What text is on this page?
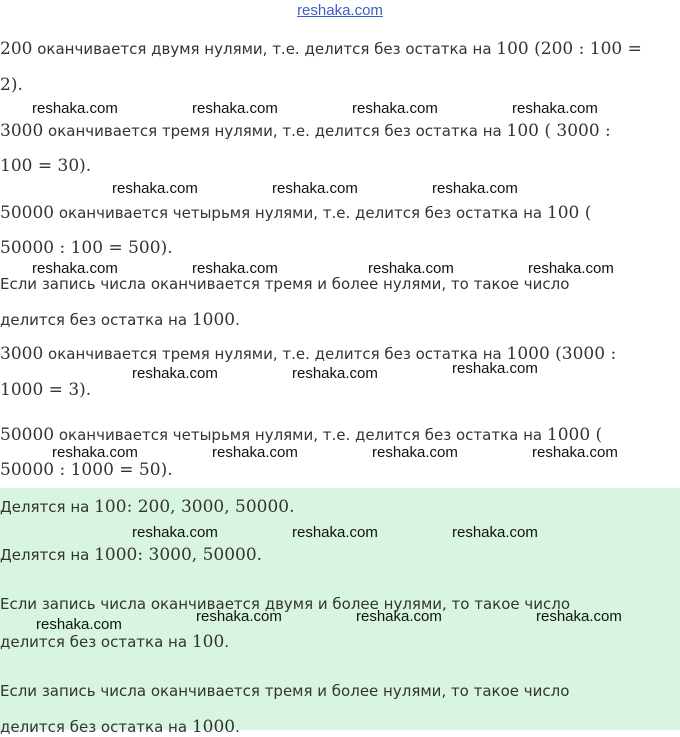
reshaka.com
200 оканчивается двумя нулями, т.е. делится без остатка на 100 (200 : 100 =
2).
3000 оканчивается тремя нулями, т.е. делится без остатка на 100 ( 3000 :
100 = 30).
50000 оканчивается четырьмя нулями, т.е. делится без остатка на 100 (
50000 : 100 = 500).
Если запись числа оканчивается тремя и более нулями, то такое число
делится без остатка на 1000.
3000 оканчивается тремя нулями, т.е. делится без остатка на 1000 (3000 :
1000 = 3).
50000 оканчивается четырьмя нулями, т.е. делится без остатка на 1000 (
50000 : 1000 = 50).
Делятся на 100: 200, 3000, 50000.
Делятся на 1000: 3000, 50000.
Если запись числа оканчивается двумя и более нулями, то такое число
делится без остатка на 100.
Если запись числа оканчивается тремя и более нулями, то такое число
делится без остатка на 1000.
reshaka.com	reshaka.com	reshaka.com	reshaka.com
reshaka.com	reshaka.com	reshaka.com
reshaka.com	reshaka.com	reshaka.com	reshaka.com
reshaka.com	reshaka.com	reshaka.com
reshaka.com	reshaka.com	reshaka.com	reshaka.com
reshaka.com	reshaka.com	reshaka.com
reshaka.com	reshaka.com	reshaka.com
reshaka.com
